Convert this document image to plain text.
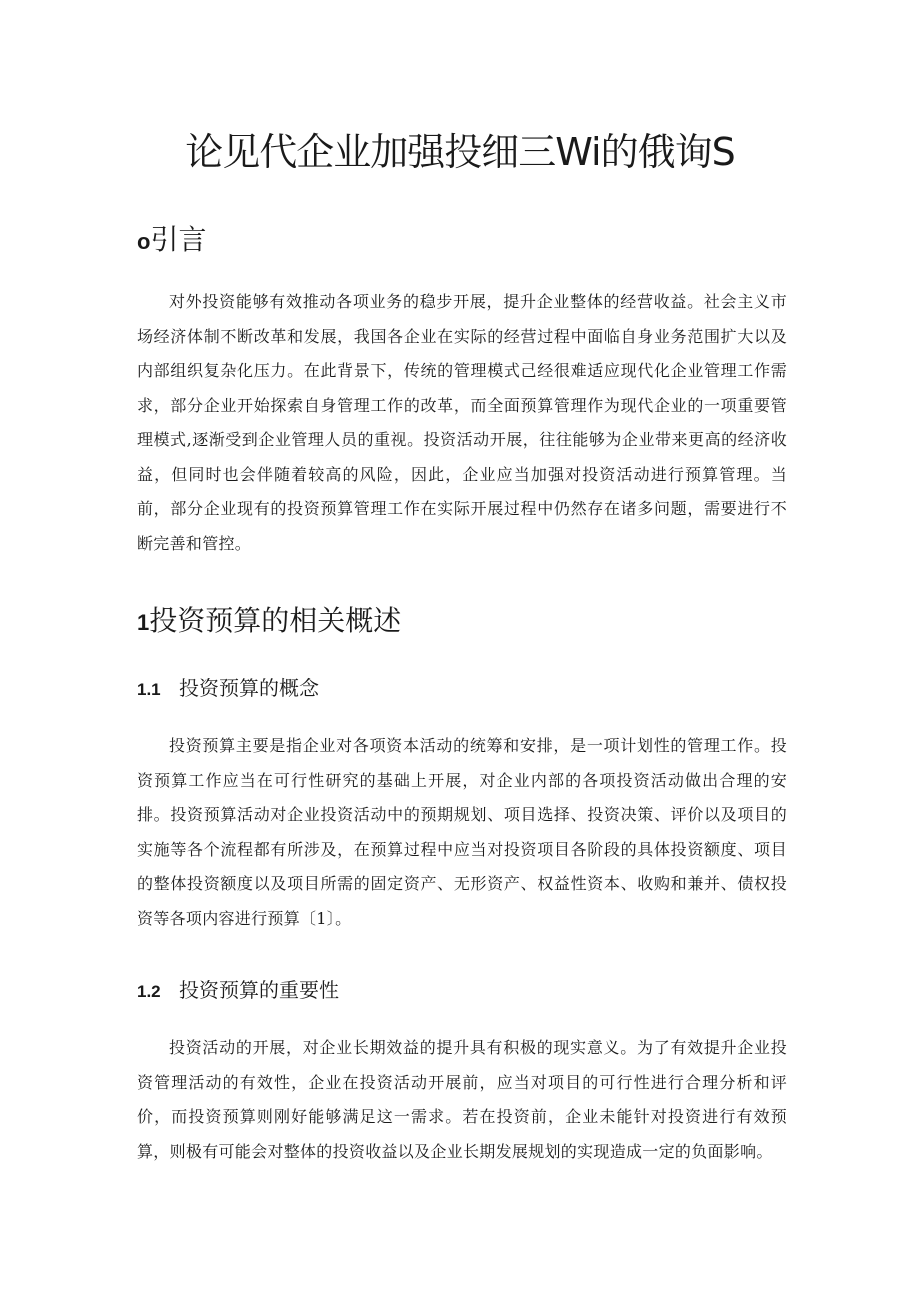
论见代企业加强投细三Wi的俄询S
o引言

对外投资能够有效推动各项业务的稳步开展，提升企业整体的经营收益。社会主义市场经济体制不断改革和发展，我国各企业在实际的经营过程中面临自身业务范围扩大以及内部组织复杂化压力。在此背景下，传统的管理模式己经很难适应现代化企业管理工作需求，部分企业开始探索自身管理工作的改革，而全面预算管理作为现代企业的一项重要管理模式,逐渐受到企业管理人员的重视。投资活动开展，往往能够为企业带来更高的经济收益，但同时也会伴随着较高的风险，因此，企业应当加强对投资活动进行预算管理。当前，部分企业现有的投资预算管理工作在实际开展过程中仍然存在诸多问题，需要进行不断完善和管控。

1投资预算的相关概述
1.1 投资预算的概念

投资预算主要是指企业对各项资本活动的统筹和安排，是一项计划性的管理工作。投资预算工作应当在可行性研究的基础上开展，对企业内部的各项投资活动做出合理的安排。投资预算活动对企业投资活动中的预期规划、项目选择、投资决策、评价以及项目的实施等各个流程都有所涉及，在预算过程中应当对投资项目各阶段的具体投资额度、项目的整体投资额度以及项目所需的固定资产、无形资产、权益性资本、收购和兼并、债权投资等各项内容进行预算〔1〕。

1.2 投资预算的重要性

投资活动的开展，对企业长期效益的提升具有积极的现实意义。为了有效提升企业投资管理活动的有效性，企业在投资活动开展前，应当对项目的可行性进行合理分析和评价，而投资预算则刚好能够满足这一需求。若在投资前，企业未能针对投资进行有效预算，则极有可能会对整体的投资收益以及企业长期发展规划的实现造成一定的负面影响。
